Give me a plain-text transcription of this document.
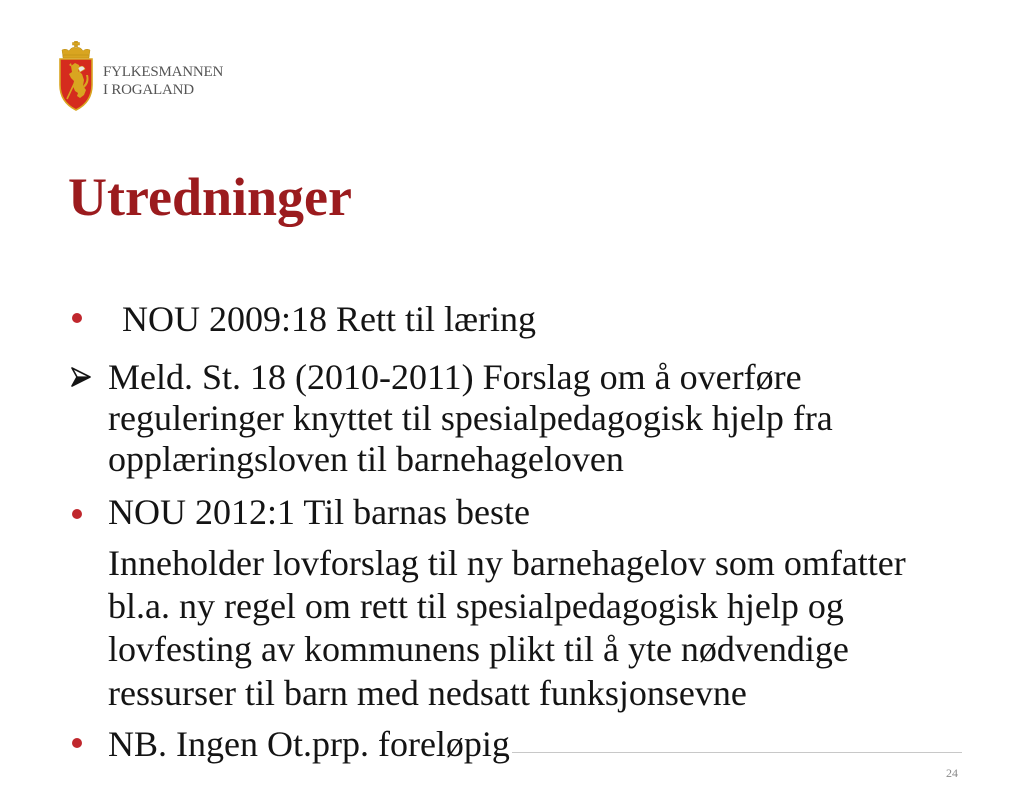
FYLKESMANNEN
I ROGALAND
Utredninger
NOU 2009:18 Rett til læring
Meld. St. 18 (2010-2011) Forslag om å overføre
reguleringer knyttet til spesialpedagogisk hjelp fra
opplæringsloven til barnehageloven
NOU 2012:1 Til barnas beste
Inneholder lovforslag til ny barnehagelov som omfatter
bl.a. ny regel om rett til spesialpedagogisk hjelp og
lovfesting av kommunens plikt til å yte nødvendige
ressurser til barn med nedsatt funksjonsevne
NB. Ingen Ot.prp. foreløpig
24
